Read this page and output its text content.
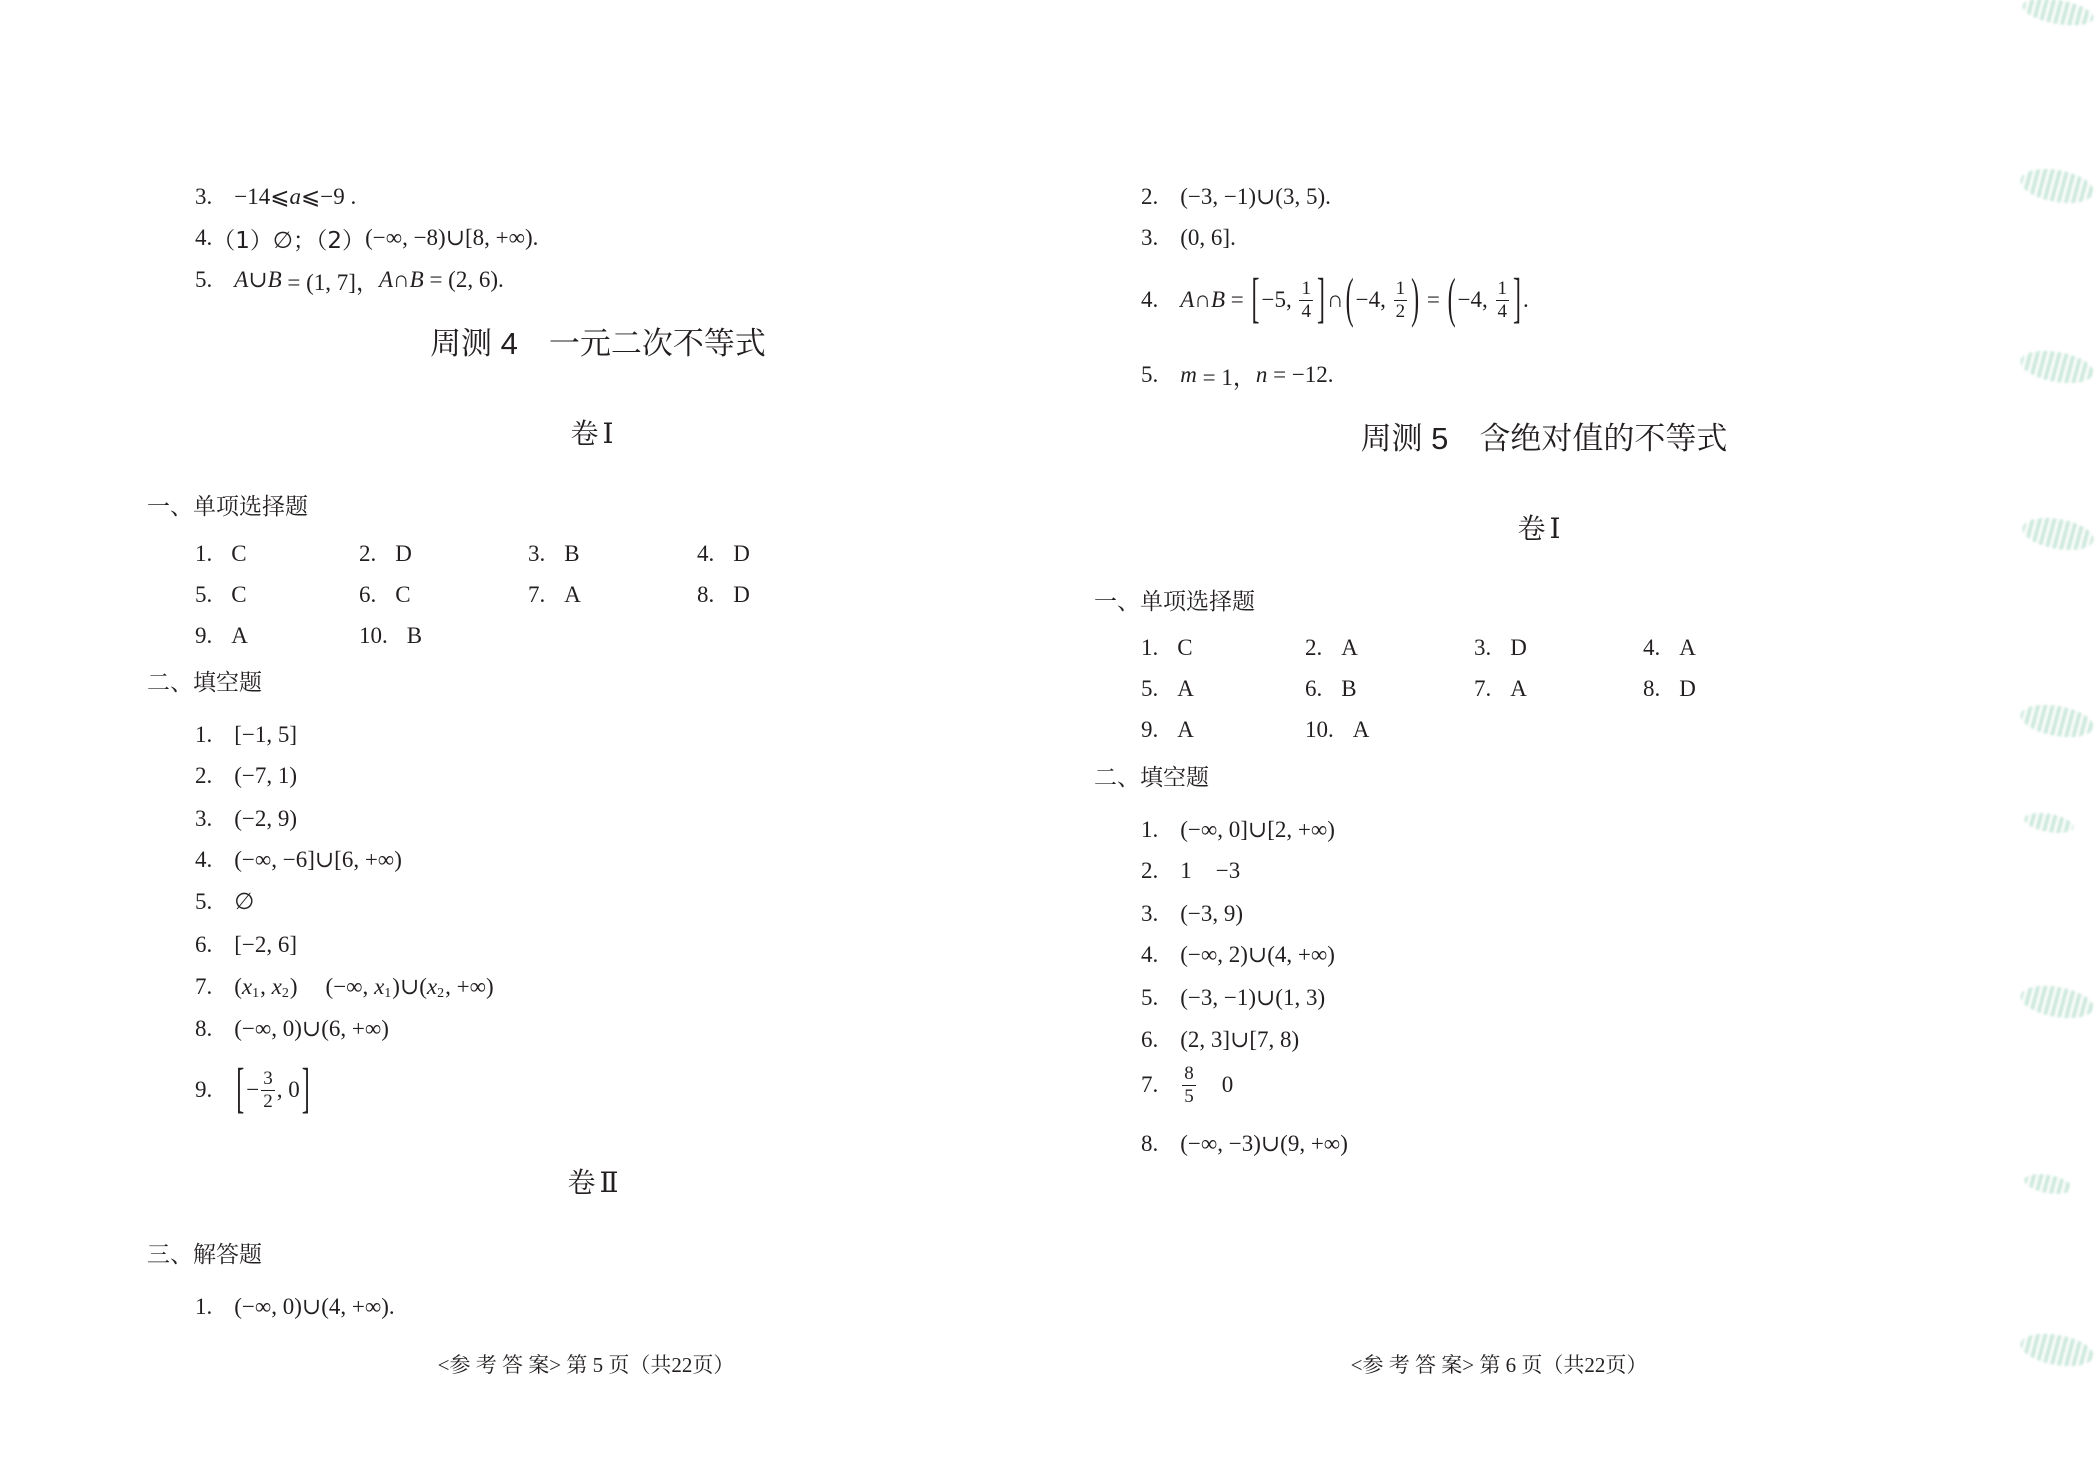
3. −14⩽ a ⩽−9 .
4. （1）∅；（2） (−∞, −8)∪[8, +∞).
5. A ∪ B = (1, 7]， A ∩ B = (2, 6).
周测 4　一元二次不等式
卷Ⅰ
一、单项选择题
1. C	2. D	3. B	4. D
5. C	6. C	7. A	8. D
9. A	10. B
二、填空题
1. [−1, 5]
2. (−7, 1)
3. (−2, 9)
4. (−∞, −6]∪[6, +∞)
5. ∅
6. [−2, 6]
7. ( x 1 , x 2 ) (−∞, x 1 )∪( x 2 , +∞)
8. (−∞, 0)∪(6, +∞)
9. [ − $\frac{3}{2}$ , 0 ]
卷Ⅱ
三、解答题
1. (−∞, 0)∪(4, +∞).
<参 考 答 案> 第 5 页（共22页）
2. (−3, −1)∪(3, 5).
3. (0, 6].
4. A ∩ B = [ −5, $\frac{1}{4}$ ] ∩ ( −4, $\frac{1}{2}$ ) = ( −4, $\frac{1}{4}$ ] .
5. m = 1， n = −12.
周测 5　含绝对值的不等式
卷Ⅰ
一、单项选择题
1. C	2. A	3. D	4. A
5. A	6. B	7. A	8. D
9. A	10. A
二、填空题
1. (−∞, 0]∪[2, +∞)
2. 1 −3
3. (−3, 9)
4. (−∞, 2)∪(4, +∞)
5. (−3, −1)∪(1, 3)
6. (2, 3]∪[7, 8)
7. $\frac{8}{5} 0$
8. (−∞, −3)∪(9, +∞)
<参 考 答 案> 第 6 页（共22页）
